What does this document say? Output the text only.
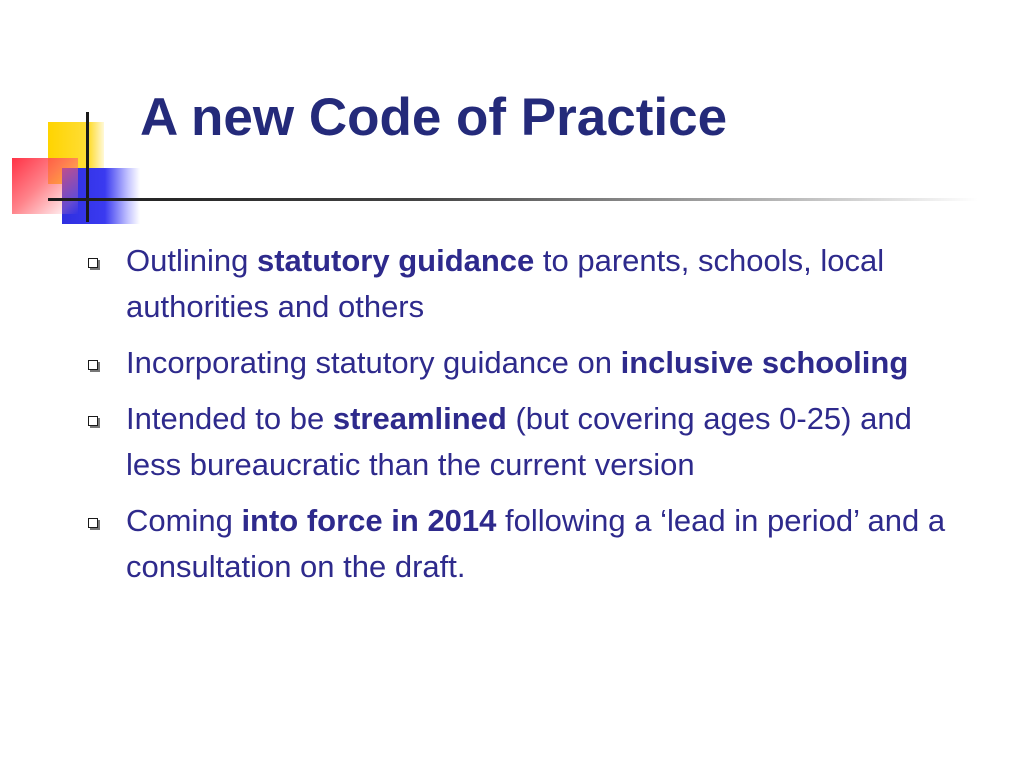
A new Code of Practice
Outlining statutory guidance to parents, schools, local authorities and others
Incorporating statutory guidance on inclusive schooling
Intended to be streamlined (but covering ages 0-25) and less bureaucratic than the current version
Coming into force in 2014 following a ‘lead in period’ and a consultation on the draft.
